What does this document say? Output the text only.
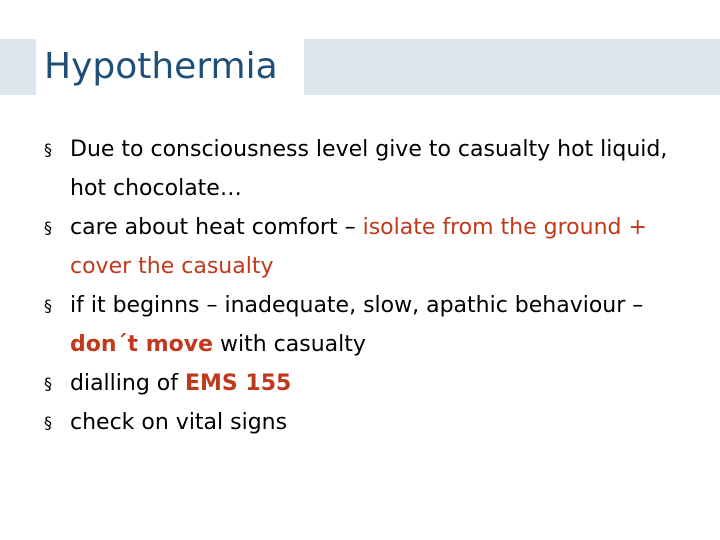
Hypothermia
§ Due to consciousness level give to casualty hot liquid, hot chocolate…
§ care about heat comfort – isolate from the ground + cover the casualty
§ if it beginns – inadequate, slow, apathic behaviour – don´t move with casualty
§ dialling of EMS 155
§ check on vital signs
